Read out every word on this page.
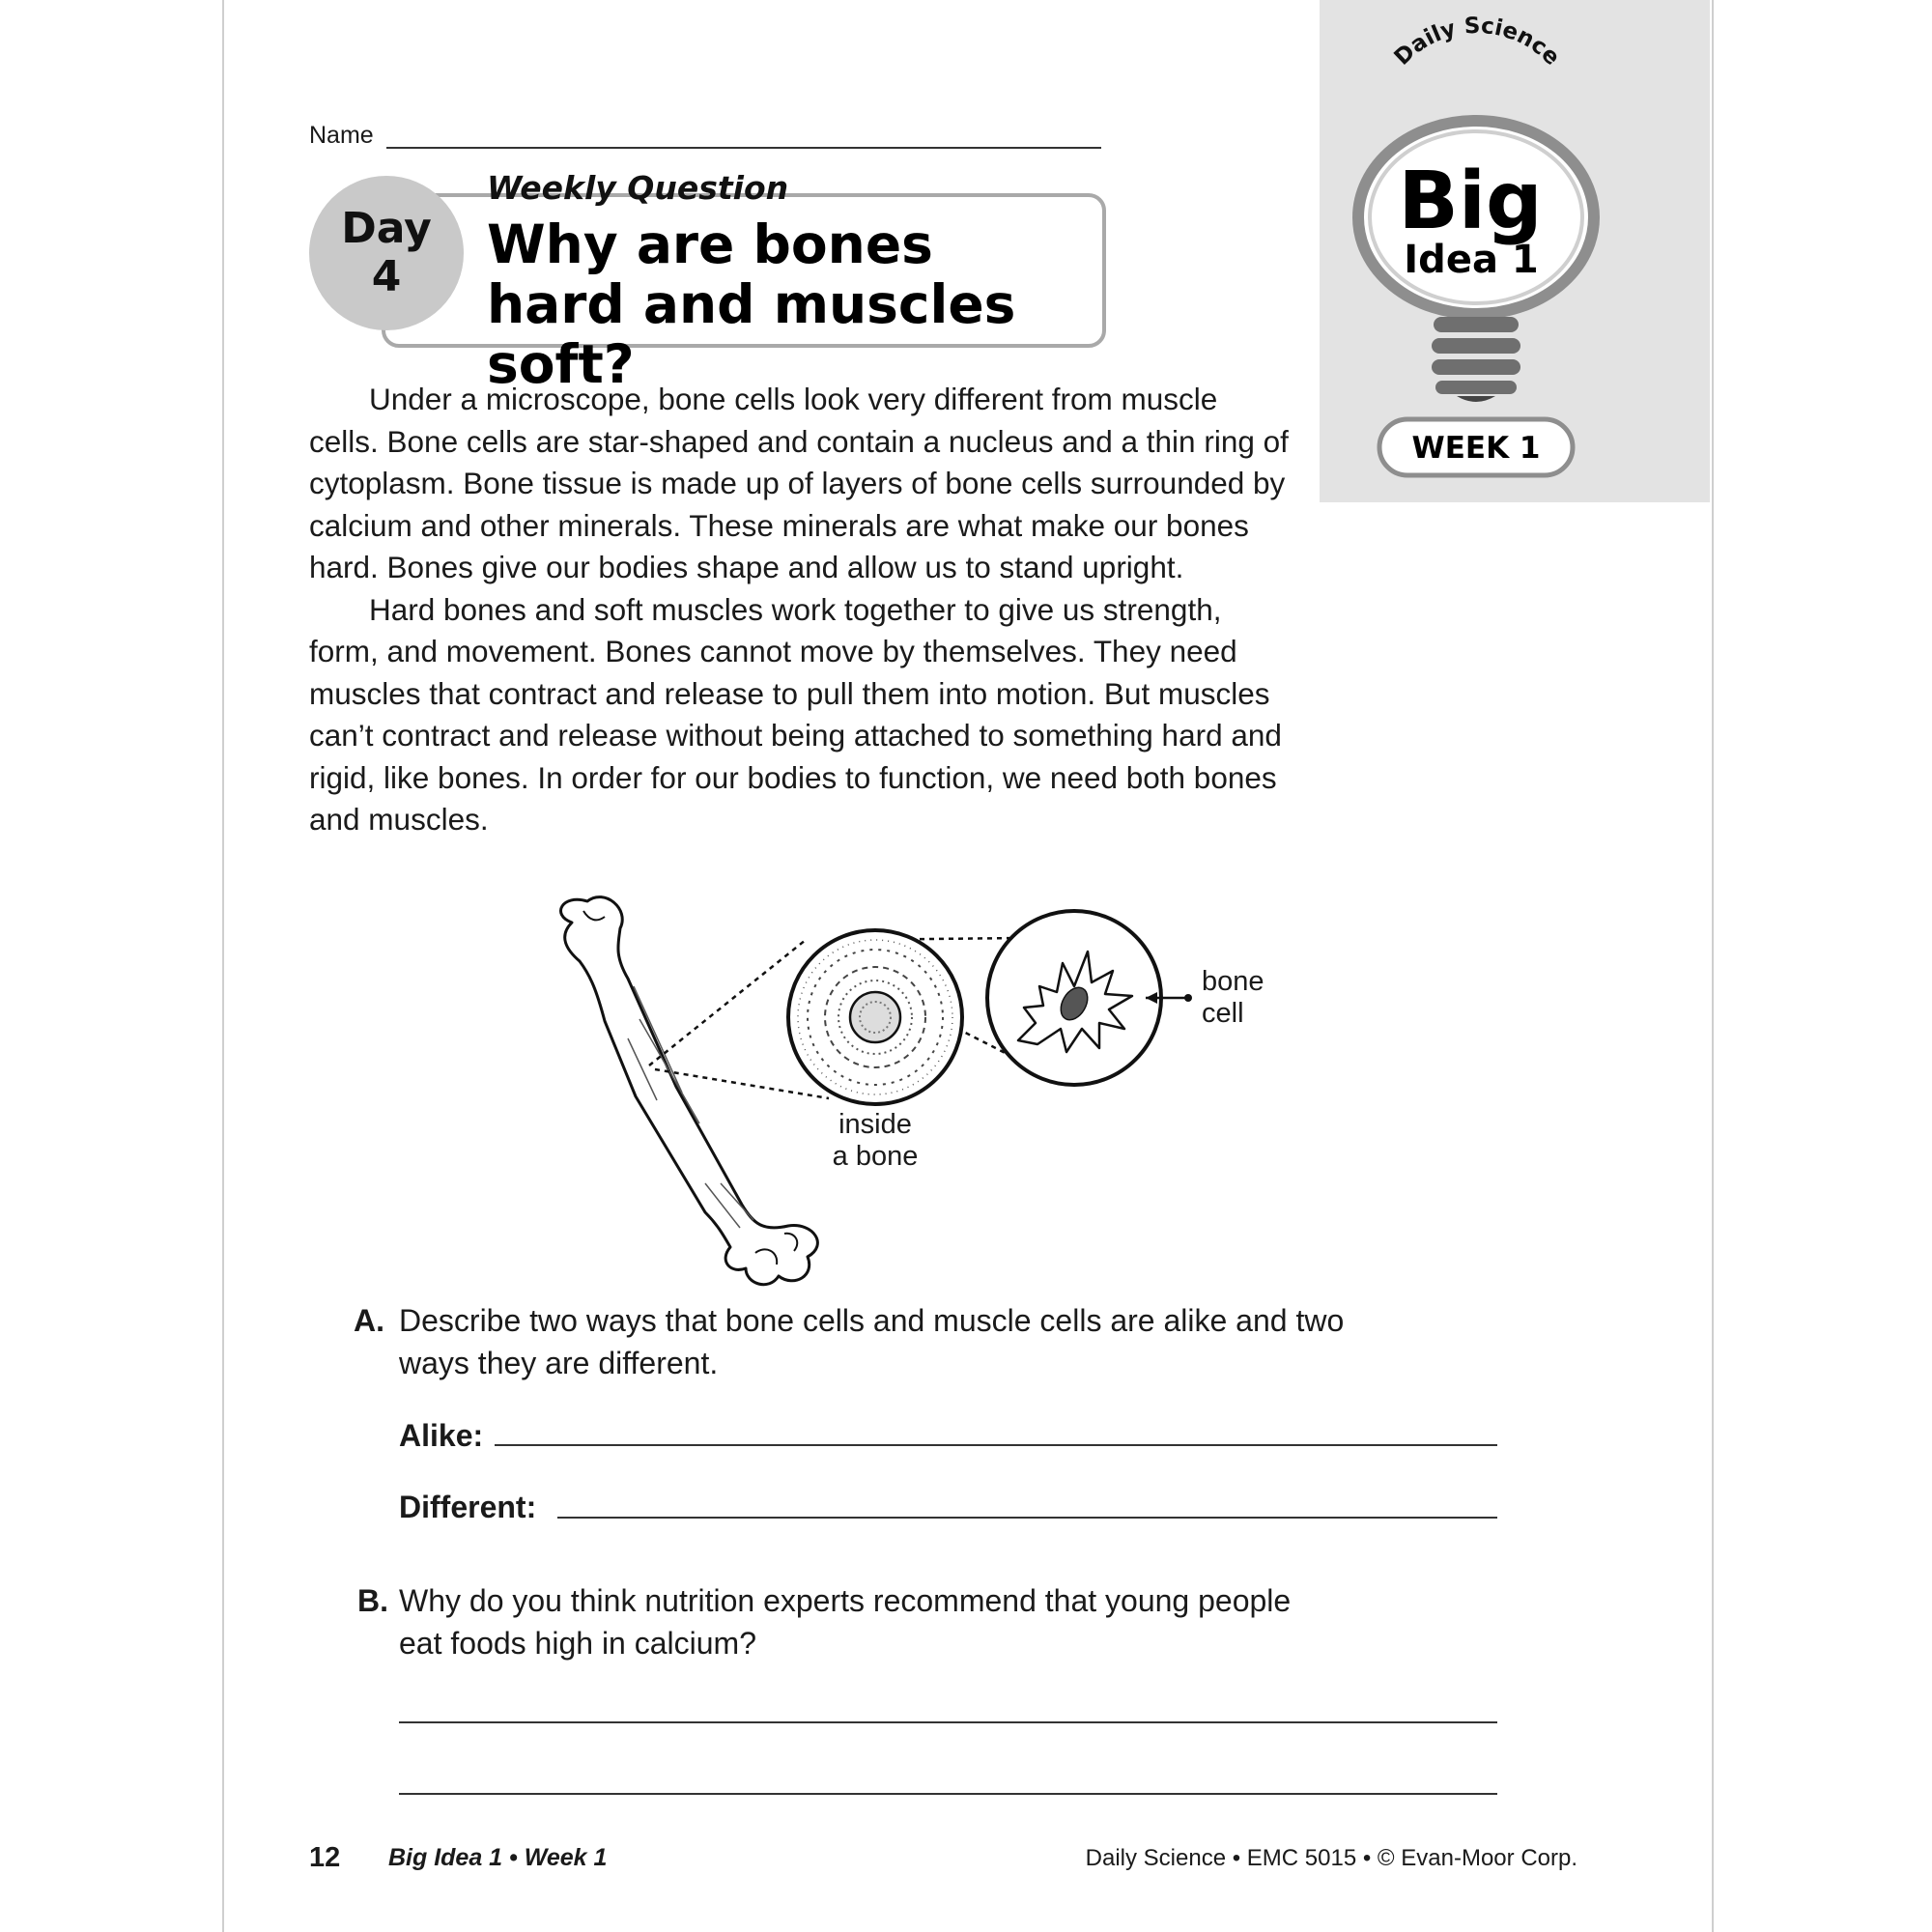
Name
Day
4
Weekly Question
Why are bones hard and muscles soft?
Daily Science
Big
Idea 1
WEEK 1

Under a microscope, bone cells look very different from muscle cells. Bone cells are star-shaped and contain a nucleus and a thin ring of cytoplasm. Bone tissue is made up of layers of bone cells surrounded by calcium and other minerals. These minerals are what make our bones hard. Bones give our bodies shape and allow us to stand upright.

Hard bones and soft muscles work together to give us strength, form, and movement. Bones cannot move by themselves. They need muscles that contract and release to pull them into motion. But muscles can’t contract and release without being attached to something hard and rigid, like bones. In order for our bodies to function, we need both bones and muscles.

inside
a bone
bone
cell
A. Describe two ways that bone cells and muscle cells are alike and two
ways they are different.
Alike:
Different:
B. Why do you think nutrition experts recommend that young people
eat foods high in calcium?
12 Big Idea 1 • Week 1	Daily Science • EMC 5015 • © Evan-Moor Corp.
